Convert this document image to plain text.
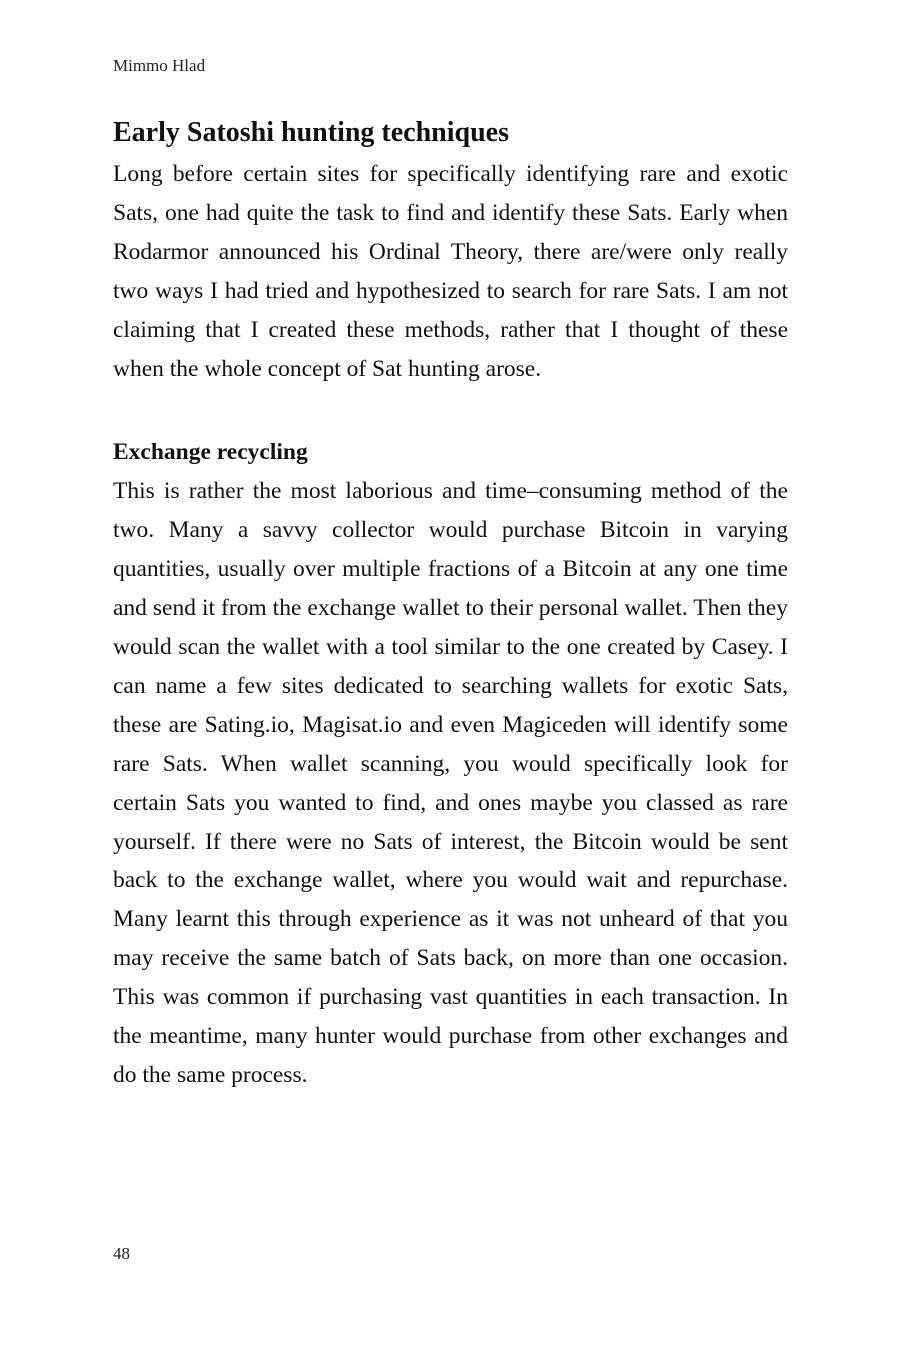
Mimmo Hlad
Early Satoshi hunting techniques

Long before certain sites for specifically identifying rare and exotic Sats, one had quite the task to find and identify these Sats. Early when Rodarmor announced his Ordinal Theory, there are/were only really two ways I had tried and hypothesized to search for rare Sats. I am not claiming that I created these methods, rather that I thought of these when the whole concept of Sat hunting arose.

Exchange recycling

This is rather the most laborious and time–consuming method of the two. Many a savvy collector would purchase Bitcoin in varying quantities, usually over multiple fractions of a Bitcoin at any one time and send it from the exchange wallet to their personal wallet. Then they would scan the wallet with a tool similar to the one created by Casey. I can name a few sites dedicated to searching wallets for exotic Sats, these are Sating.io, Magisat.io and even Magiceden will identify some rare Sats. When wallet scanning, you would specifically look for certain Sats you wanted to find, and ones maybe you classed as rare yourself. If there were no Sats of interest, the Bitcoin would be sent back to the exchange wallet, where you would wait and repurchase. Many learnt this through experience as it was not unheard of that you may receive the same batch of Sats back, on more than one occasion. This was common if purchasing vast quantities in each transaction. In the meantime, many hunter would purchase from other exchanges and do the same process.

48
